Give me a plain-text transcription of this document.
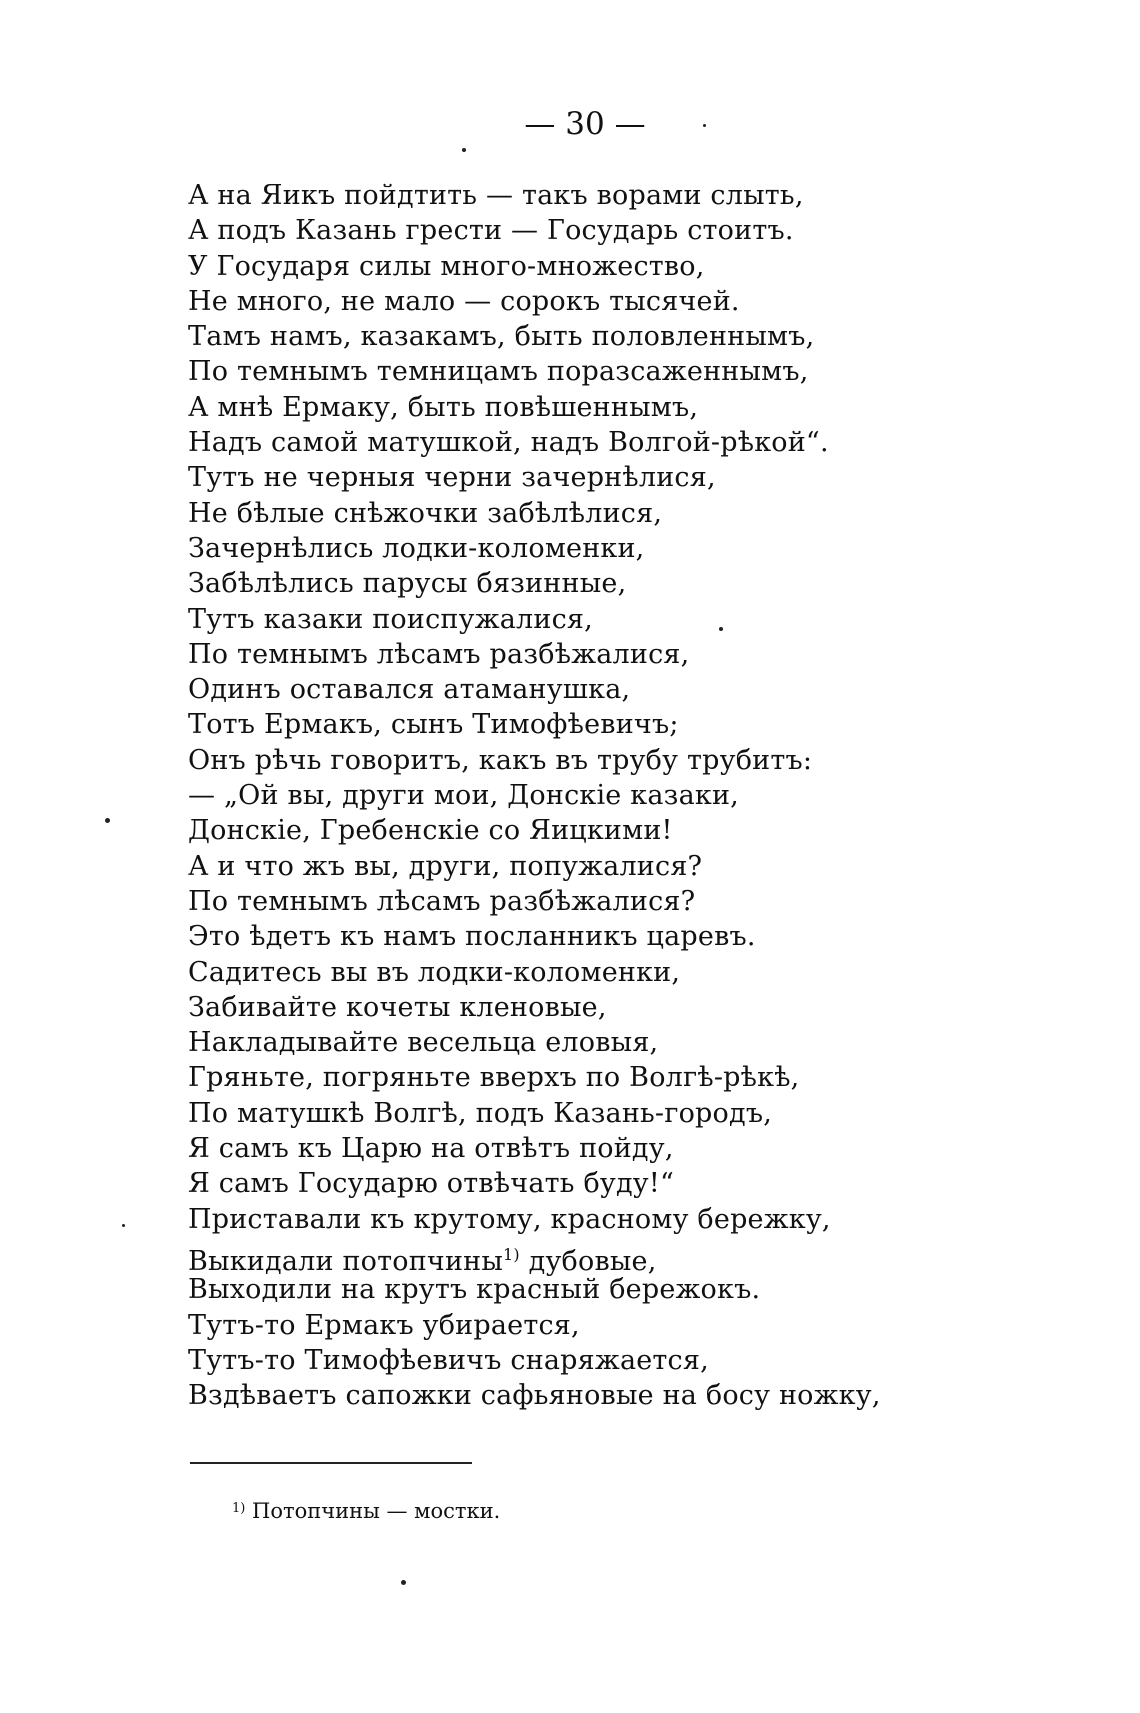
— 30 —
А на Яикъ пойдтить — такъ ворами слыть,
А подъ Казань грести — Государь стоитъ.
У Государя силы много-множество,
Не много, не мало — сорокъ тысячей.
Тамъ намъ, казакамъ, быть половленнымъ,
По темнымъ темницамъ поразсаженнымъ,
А мнѣ Ермаку, быть повѣшеннымъ,
Надъ самой матушкой, надъ Волгой-рѣкой“.
Тутъ не черныя черни зачернѣлися,
Не бѣлые снѣжочки забѣлѣлися,
Зачернѣлись лодки-коломенки,
Забѣлѣлись парусы бязинные,
Тутъ казаки поиспужалися,
По темнымъ лѣсамъ разбѣжалися,
Одинъ оставался атаманушка,
Тотъ Ермакъ, сынъ Тимофѣевичъ;
Онъ рѣчь говоритъ, какъ въ трубу трубитъ:
— „Ой вы, други мои, Донскіе казаки,
Донскіе, Гребенскіе со Яицкими!
А и что жъ вы, други, попужалися?
По темнымъ лѣсамъ разбѣжалися?
Это ѣдетъ къ намъ посланникъ царевъ.
Садитесь вы въ лодки-коломенки,
Забивайте кочеты кленовые,
Накладывайте весельца еловыя,
Гряньте, погряньте вверхъ по Волгѣ-рѣкѣ,
По матушкѣ Волгѣ, подъ Казань-городъ,
Я самъ къ Царю на отвѣтъ пойду,
Я самъ Государю отвѣчать буду!“
Приставали къ крутому, красному бережку,
Выкидали потопчины$^{1)}$ дубовые,
Выходили на крутъ красный бережокъ.
Тутъ-то Ермакъ убирается,
Тутъ-то Тимофѣевичъ снаряжается,
Вздѣваетъ сапожки сафьяновые на босу ножку,
$^{1)}$ Потопчины — мостки.
